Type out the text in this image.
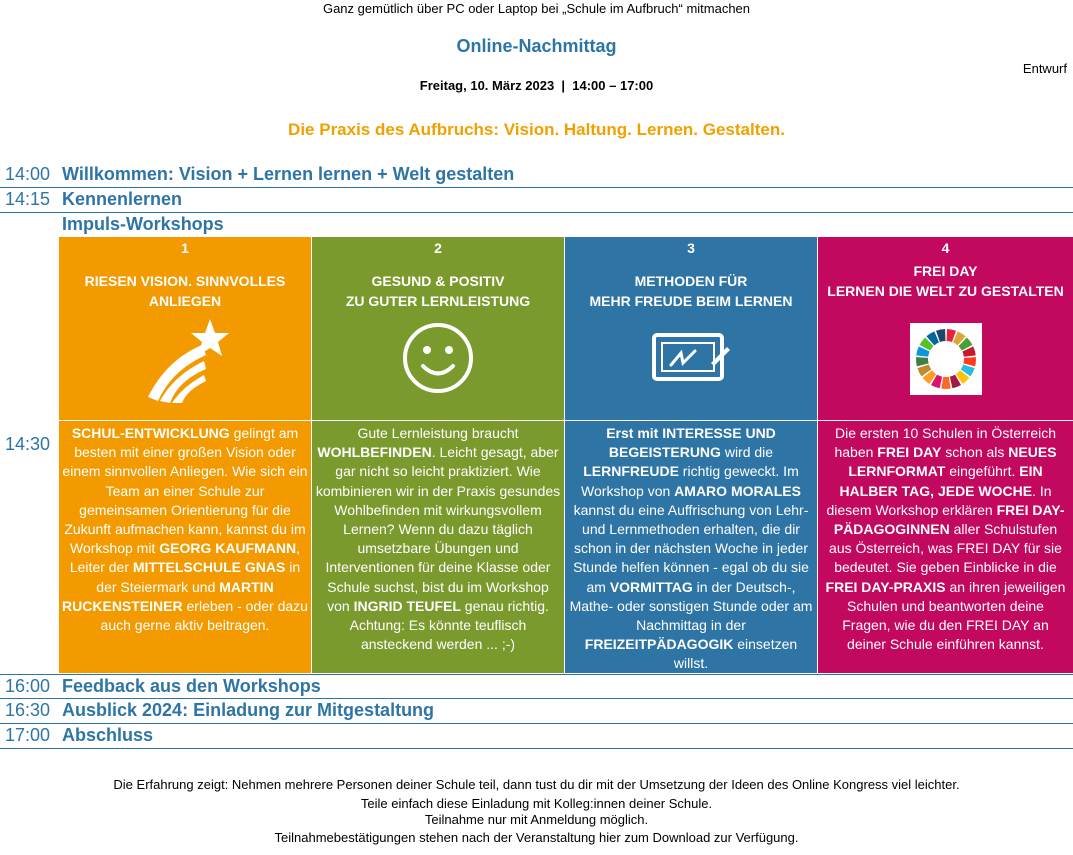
Ganz gemütlich über PC oder Laptop bei „Schule im Aufbruch“ mitmachen
Online-Nachmittag
Entwurf
Freitag, 10. März 2023  |  14:00 – 17:00
Die Praxis des Aufbruchs: Vision. Haltung. Lernen. Gestalten.
14:00 Willkommen: Vision + Lernen lernen + Welt gestalten
14:15 Kennenlernen
Impuls-Workshops
14:30
16:00 Feedback aus den Workshops
16:30 Ausblick 2024: Einladung zur Mitgestaltung
17:00 Abschluss
1
RIESEN VISION. SINNVOLLES ANLIEGEN
SCHUL-ENTWICKLUNG gelingt am besten mit einer großen Vision oder einem sinnvollen Anliegen. Wie sich ein Team an einer Schule zur gemeinsamen Orientierung für die Zukunft aufmachen kann, kannst du im Workshop mit GEORG KAUFMANN, Leiter der MITTELSCHULE GNAS in der Steiermark und MARTIN RUCKENSTEINER erleben - oder dazu auch gerne aktiv beitragen.
2
GESUND & POSITIV
ZU GUTER LERNLEISTUNG
Gute Lernleistung braucht WOHLBEFINDEN. Leicht gesagt, aber gar nicht so leicht praktiziert. Wie kombinieren wir in der Praxis gesundes Wohlbefinden mit wirkungsvollem Lernen? Wenn du dazu täglich umsetzbare Übungen und Interventionen für deine Klasse oder Schule suchst, bist du im Workshop von INGRID TEUFEL genau richtig. Achtung: Es könnte teuflisch ansteckend werden ... ;-)
3
METHODEN FÜR
MEHR FREUDE BEIM LERNEN
Erst mit INTERESSE UND BEGEISTERUNG wird die LERNFREUDE richtig geweckt. Im Workshop von AMARO MORALES kannst du eine Auffrischung von Lehr- und Lernmethoden erhalten, die dir schon in der nächsten Woche in jeder Stunde helfen können - egal ob du sie am VORMITTAG in der Deutsch-, Mathe- oder sonstigen Stunde oder am Nachmittag in der FREIZEITPÄDAGOGIK einsetzen willst.
4
FREI DAY
LERNEN DIE WELT ZU GESTALTEN
Die ersten 10 Schulen in Österreich haben FREI DAY schon als NEUES LERNFORMAT eingeführt. EIN HALBER TAG, JEDE WOCHE. In diesem Workshop erklären FREI DAY-PÄDAGOGINNEN aller Schulstufen aus Österreich, was FREI DAY für sie bedeutet. Sie geben Einblicke in die FREI DAY-PRAXIS an ihren jeweiligen Schulen und beantworten deine Fragen, wie du den FREI DAY an deiner Schule einführen kannst.
Die Erfahrung zeigt: Nehmen mehrere Personen deiner Schule teil, dann tust du dir mit der Umsetzung der Ideen des Online Kongress viel leichter.
Teile einfach diese Einladung mit Kolleg:innen deiner Schule.
Teilnahme nur mit Anmeldung möglich.
Teilnahmebestätigungen stehen nach der Veranstaltung hier zum Download zur Verfügung.
